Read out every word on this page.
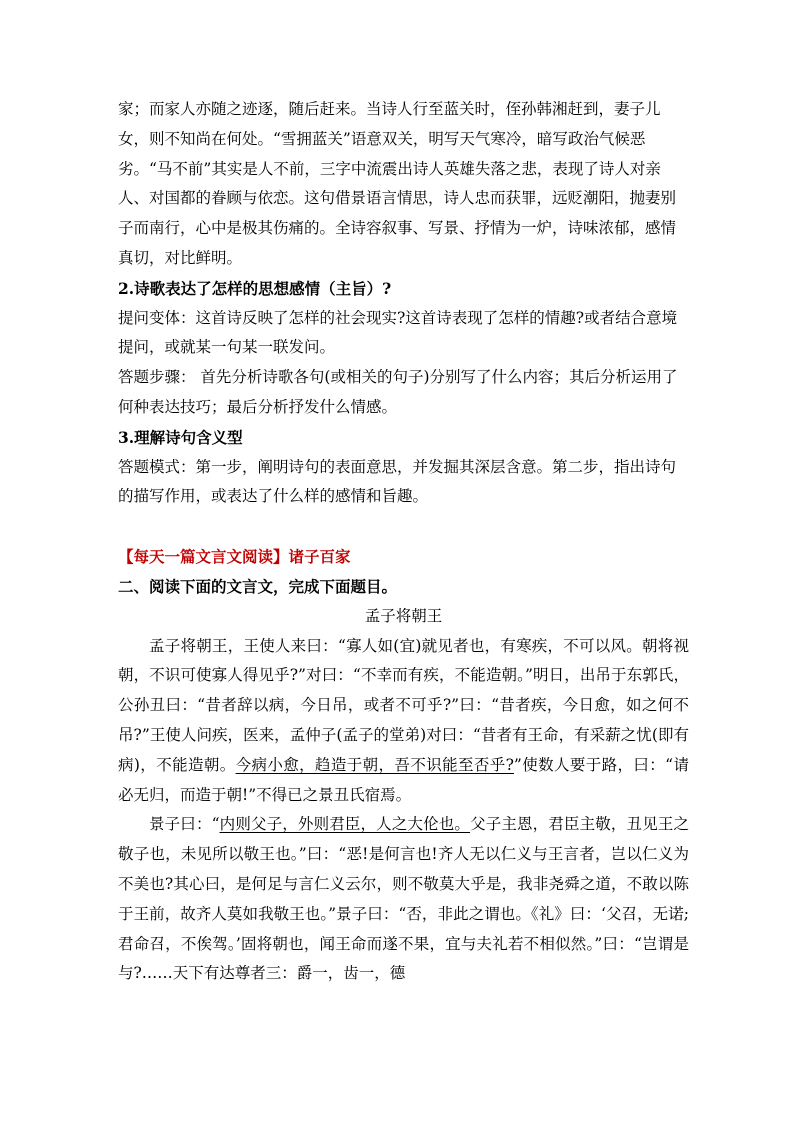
家；而家人亦随之迹逐，随后赶来。当诗人行至蓝关时，侄孙韩湘赶到，妻子儿女，则不知尚在何处。“雪拥蓝关”语意双关，明写天气寒冷，暗写政治气候恶劣。“马不前”其实是人不前，三字中流震出诗人英雄失落之悲，表现了诗人对亲人、对国都的眷顾与依恋。这句借景语言情思，诗人忠而获罪，远贬潮阳，抛妻别子而南行，心中是极其伤痛的。全诗容叙事、写景、抒情为一炉，诗味浓郁，感情真切，对比鲜明。

2.诗歌表达了怎样的思想感情（主旨）?

提问变体：这首诗反映了怎样的社会现实?这首诗表现了怎样的情趣?或者结合意境提问，或就某一句某一联发问。

答题步骤： 首先分析诗歌各句(或相关的句子)分别写了什么内容；其后分析运用了何种表达技巧；最后分析抒发什么情感。

3.理解诗句含义型

答题模式：第一步，阐明诗句的表面意思，并发掘其深层含意。第二步，指出诗句的描写作用，或表达了什么样的感情和旨趣。

【每天一篇文言文阅读】诸子百家

二、阅读下面的文言文，完成下面题目。

孟子将朝王

孟子将朝王，王使人来曰：“寡人如(宜)就见者也，有寒疾，不可以风。朝将视朝，不识可使寡人得见乎?”对曰：“不幸而有疾，不能造朝。”明日，出吊于东郭氏，公孙丑曰：“昔者辞以病，今日吊，或者不可乎?”曰：“昔者疾，今日愈，如之何不吊?”王使人问疾，医来，孟仲子(孟子的堂弟)对曰：“昔者有王命，有采薪之忧(即有病)，不能造朝。今病小愈，趋造于朝，吾不识能至否乎?”使数人要于路，曰：“请必无归，而造于朝!”不得已之景丑氏宿焉。

景子曰：“内则父子，外则君臣，人之大伦也。父子主恩，君臣主敬，丑见王之敬子也，未见所以敬王也。”曰：“恶!是何言也!齐人无以仁义与王言者，岂以仁义为不美也?其心曰，是何足与言仁义云尔，则不敬莫大乎是，我非尧舜之道，不敢以陈于王前，故齐人莫如我敬王也。”景子曰：“否，非此之谓也。《礼》曰：‘父召，无诺;君命召，不俟驾。’固将朝也，闻王命而遂不果，宜与夫礼若不相似然。”曰：“岂谓是与?……天下有达尊者三：爵一，齿一，德
